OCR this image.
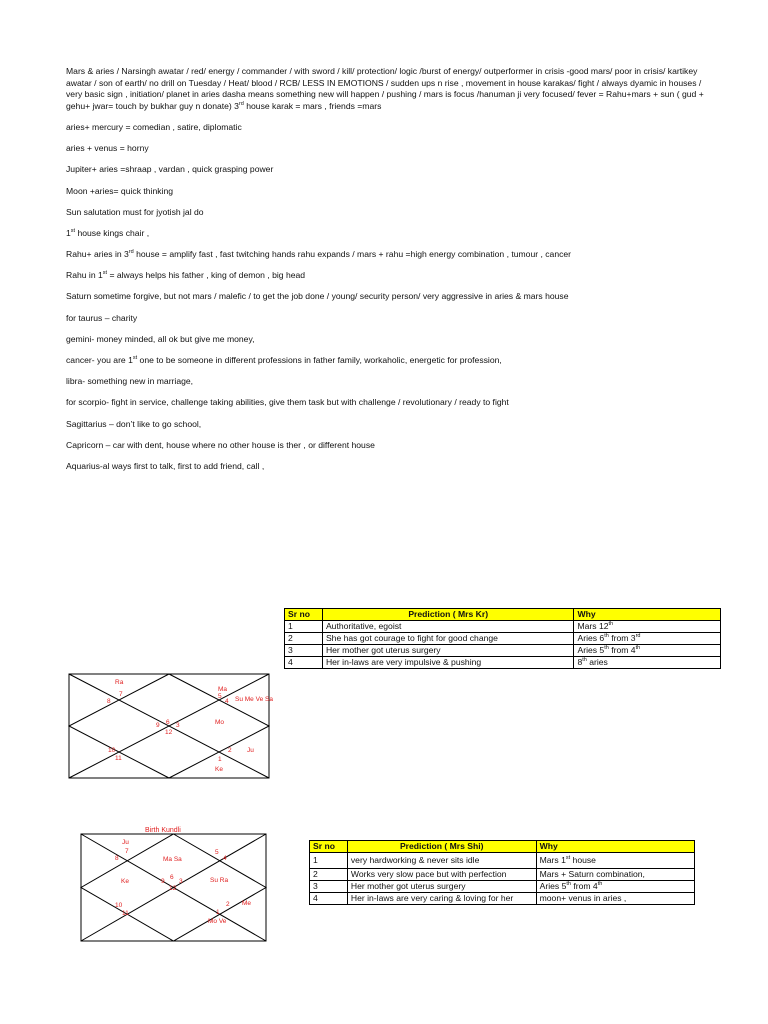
Mars & aries / Narsingh awatar / red/ energy / commander / with sword / kill/ protection/ logic /burst of energy/ outperformer in crisis -good mars/ poor in crisis/ kartikey awatar / son of earth/ no drill on Tuesday / Heat/ blood / RCB/ LESS IN EMOTIONS / sudden ups n rise , movement in house karakas/ fight / always dyamic in houses / very basic sign , initiation/ planet in aries dasha means something new will happen / pushing / mars is focus /hanuman ji very focused/ fever = Rahu+mars + sun ( gud + gehu+ jwar= touch by bukhar guy n donate) 3rd house karak = mars , friends =mars

aries+ mercury = comedian , satire, diplomatic

aries + venus = horny

Jupiter+ aries =shraap , vardan , quick grasping power

Moon +aries= quick thinking

Sun salutation must for jyotish jal do

1st house kings chair ,

Rahu+ aries in 3rd house = amplify fast , fast twitching hands rahu expands / mars + rahu =high energy combination , tumour , cancer

Rahu in 1st = always helps his father , king of demon , big head

Saturn sometime forgive, but not mars / malefic / to get the job done / young/ security person/ very aggressive in aries & mars house

for taurus – charity

gemini- money minded, all ok but give me money,

cancer- you are 1st one to be someone in different professions in father family, workaholic, energetic for profession,

libra- something new in marriage,

for scorpio- fight in service, challenge taking abilities, give them task but with challenge / revolutionary / ready to fight

Sagittarius – don’t like to go school,

Capricorn – car with dent, house where no other house is ther , or different house

Aquarius-al ways first to talk, first to add friend, call ,

Sr no	Prediction ( Mrs Kr)	Why
1	Authoritative, egoist	Mars 12th
2	She has got courage to fight for good change	Aries 6th from 3rd
3	Her mother got uterus surgery	Aries 5th from 4th
4	Her in-laws are very impulsive & pushing	8th aries
Ra
7
8
Ma
5
4 Su Me Ve Sa
9 6 3
12
Mo
10
11
2 Ju
1
Ke
Birth Kundli
Ju
7
8	Ma Sa
5
4
Ke	9
6
3
12
Su Ra
10
11
2 Me
1
Mo Ve
Sr no	Prediction ( Mrs Shi)	Why
1	very hardworking & never sits idle	Mars 1st house
2	Works very slow pace but with perfection	Mars + Saturn combination,
3	Her mother got uterus surgery	Aries 5th from 4th
4	Her in-laws are very caring & loving for her	moon+ venus in aries ,
